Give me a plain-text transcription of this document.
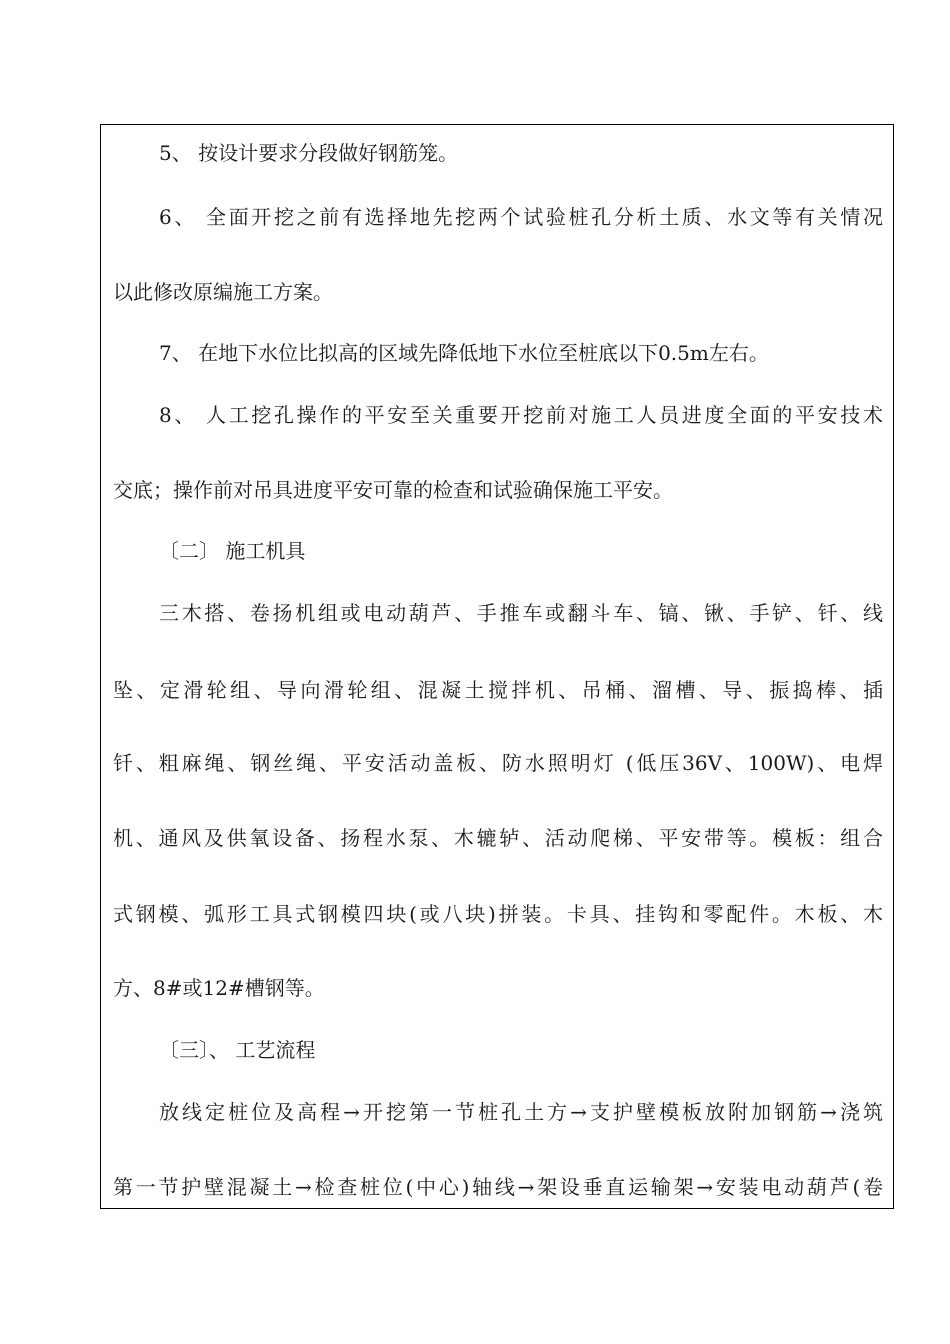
5、 按设计要求分段做好钢筋笼。
6、 全面开挖之前有选择地先挖两个试验桩孔分析土质、水文等有关情况
以此修改原编施工方案。
7、 在地下水位比拟高的区域先降低地下水位至桩底以下0.5m左右。
8、 人工挖孔操作的平安至关重要开挖前对施工人员进度全面的平安技术
交底；操作前对吊具进度平安可靠的检查和试验确保施工平安。
〔二〕 施工机具
三木搭、卷扬机组或电动葫芦、手推车或翻斗车、镐、锹、手铲、钎、线
坠、定滑轮组、导向滑轮组、混凝土搅拌机、吊桶、溜槽、导、振捣棒、插
钎、粗麻绳、钢丝绳、平安活动盖板、防水照明灯 (低压36V、100W)、电焊
机、通风及供氧设备、扬程水泵、木辘轳、活动爬梯、平安带等。模板：组合
式钢模、弧形工具式钢模四块(或八块)拼装。卡具、挂钩和零配件。木板、木
方、8#或12#槽钢等。
〔三〕、 工艺流程
放线定桩位及高程→开挖第一节桩孔土方→支护壁模板放附加钢筋→浇筑
第一节护壁混凝土→检查桩位(中心)轴线→架设垂直运输架→安装电动葫芦(卷
